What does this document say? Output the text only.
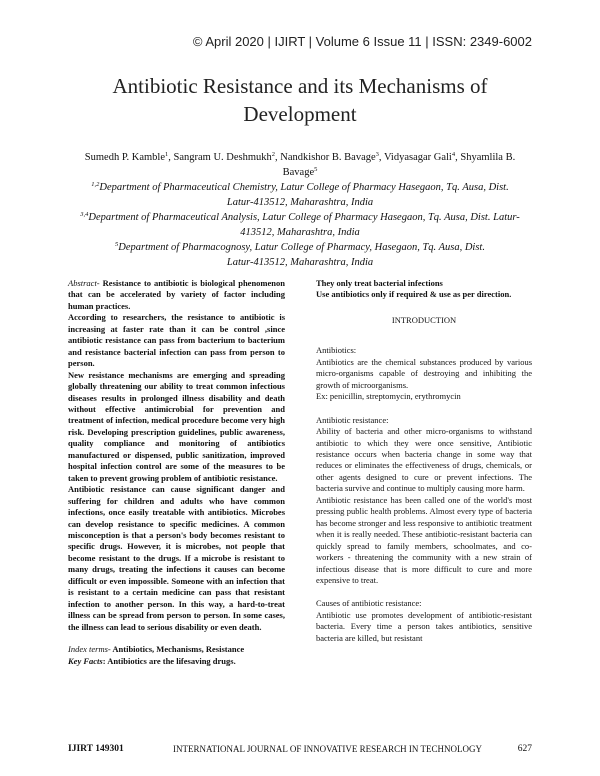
© April 2020 | IJIRT | Volume 6 Issue 11 | ISSN: 2349-6002
Antibiotic Resistance and its Mechanisms of
Development
Sumedh P. Kamble$^1$, Sangram U. Deshmukh$^2$, Nandkishor B. Bavage$^3$, Vidyasagar Gali$^4$, Shyamlila B.
Bavage$^5$
$^{1,2}$Department of Pharmaceutical Chemistry, Latur College of Pharmacy Hasegaon, Tq. Ausa, Dist.
Latur-413512, Maharashtra, India
$^{3,4}$Department of Pharmaceutical Analysis, Latur College of Pharmacy Hasegaon, Tq. Ausa, Dist. Latur-
413512, Maharashtra, India
$^5$Department of Pharmacognosy, Latur College of Pharmacy, Hasegaon, Tq. Ausa, Dist.
Latur-413512, Maharashtra, India

Abstract- Resistance to antibiotic is biological phenomenon that can be accelerated by variety of factor including human practices.

According to researchers, the resistance to antibiotic is increasing at faster rate than it can be control ,since antibiotic resistance can pass from bacterium to bacterium and resistance bacterial infection can pass from person to person.

New resistance mechanisms are emerging and spreading globally threatening our ability to treat common infectious diseases results in prolonged illness disability and death without effective antimicrobial for prevention and treatment of infection, medical procedure become very high risk. Developing prescription guidelines, public awareness, quality compliance and monitoring of antibiotics manufactured or dispensed, public sanitization, improved hospital infection control are some of the measures to be taken to prevent growing problem of antibiotic resistance.

Antibiotic resistance can cause significant danger and suffering for children and adults who have common infections, once easily treatable with antibiotics. Microbes can develop resistance to specific medicines. A common misconception is that a person's body becomes resistant to specific drugs. However, it is microbes, not people that become resistant to the drugs. If a microbe is resistant to many drugs, treating the infections it causes can become difficult or even impossible. Someone with an infection that is resistant to a certain medicine can pass that resistant infection to another person. In this way, a hard-to-treat illness can be spread from person to person. In some cases, the illness can lead to serious disability or even death.

Index terms- Antibiotics, Mechanisms, Resistance

Key Facts: Antibiotics are the lifesaving drugs.

They only treat bacterial infections

Use antibiotics only if required & use as per direction.

INTRODUCTION

Antibiotics:

Antibiotics are the chemical substances produced by various micro-organisms capable of destroying and inhibiting the growth of microorganisms.

Ex: penicillin, streptomycin, erythromycin

Antibiotic resistance:

Ability of bacteria and other micro-organisms to withstand antibiotic to which they were once sensitive, Antibiotic resistance occurs when bacteria change in some way that reduces or eliminates the effectiveness of drugs, chemicals, or other agents designed to cure or prevent infections. The bacteria survive and continue to multiply causing more harm.

Antibiotic resistance has been called one of the world's most pressing public health problems. Almost every type of bacteria has become stronger and less responsive to antibiotic treatment when it is really needed. These antibiotic-resistant bacteria can quickly spread to family members, schoolmates, and co-workers - threatening the community with a new strain of infectious disease that is more difficult to cure and more expensive to treat.

Causes of antibiotic resistance:

Antibiotic use promotes development of antibiotic-resistant bacteria. Every time a person takes antibiotics, sensitive bacteria are killed, but resistant

IJIRT 149301	INTERNATIONAL JOURNAL OF INNOVATIVE RESEARCH IN TECHNOLOGY	627
